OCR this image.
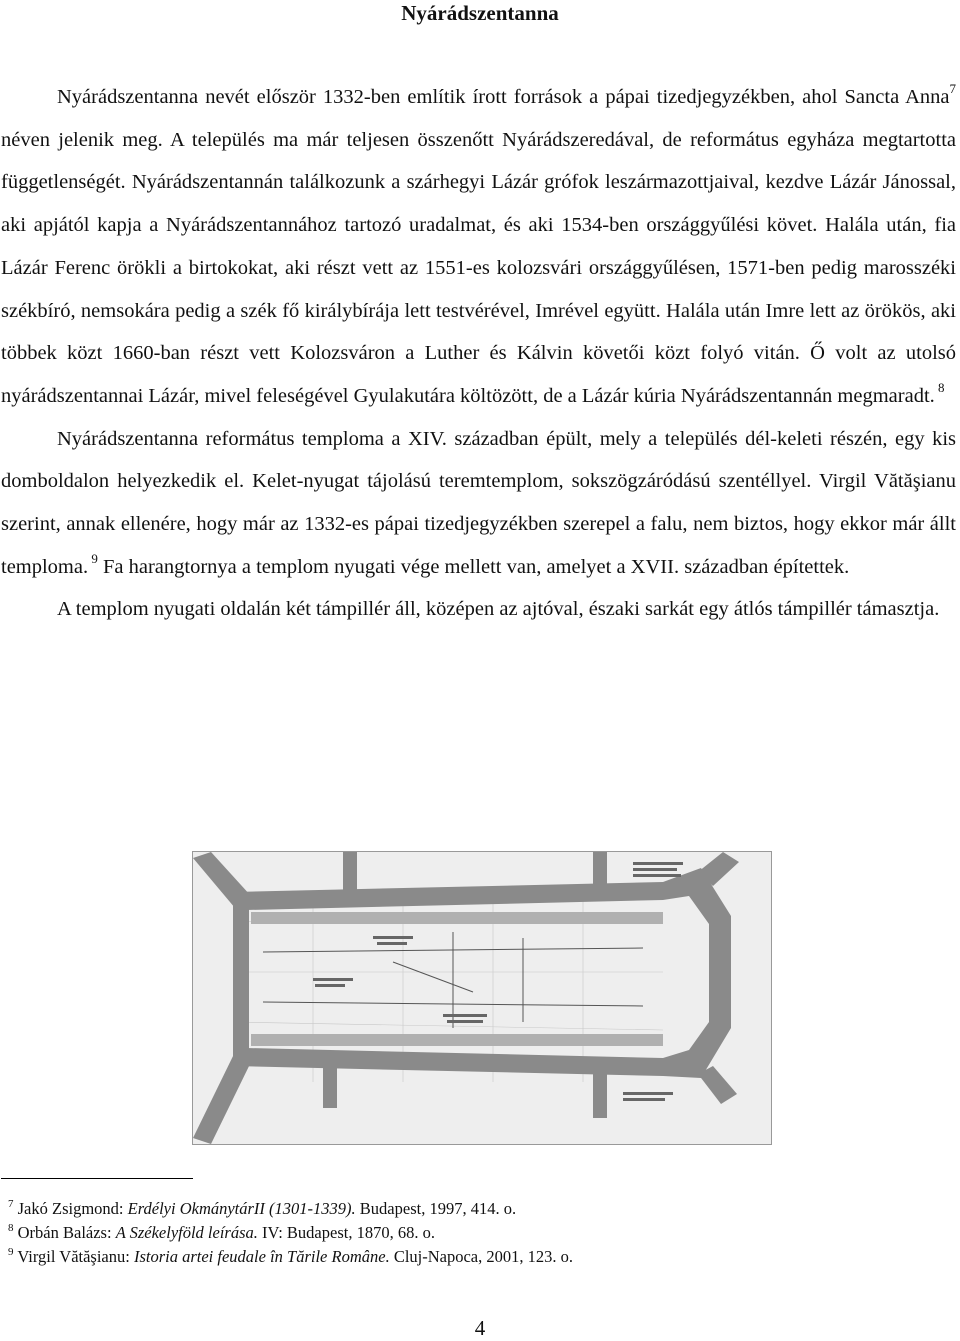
Nyárádszentanna

Nyárádszentanna nevét először 1332-ben említik írott források a pápai tizedjegyzékben, ahol Sancta Anna$^7$ néven jelenik meg. A település ma már teljesen összenőtt Nyárádszeredával, de református egyháza megtartotta függetlenségét. Nyárádszentannán találkozunk a szárhegyi Lázár grófok leszármazottjaival, kezdve Lázár Jánossal, aki apjától kapja a Nyárádszentannához tartozó uradalmat, és aki 1534-ben országgyűlési követ. Halála után, fia Lázár Ferenc örökli a birtokokat, aki részt vett az 1551-es kolozsvári országgyűlésen, 1571-ben pedig marosszéki székbíró, nemsokára pedig a szék fő királybírája lett testvérével, Imrével együtt. Halála után Imre lett az örökös, aki többek közt 1660-ban részt vett Kolozsváron a Luther és Kálvin követői közt folyó vitán. Ő volt az utolsó nyárádszentannai Lázár, mivel feleségével Gyulakutára költözött, de a Lázár kúria Nyárádszentannán megmaradt. $^8$

Nyárádszentanna református temploma a XIV. században épült, mely a település dél-keleti részén, egy kis domboldalon helyezkedik el. Kelet-nyugat tájolású teremtemplom, sokszögzáródású szentéllyel. Virgil Vătăşianu szerint, annak ellenére, hogy már az 1332-es pápai tizedjegyzékben szerepel a falu, nem biztos, hogy ekkor már állt temploma. $^9$ Fa harangtornya a templom nyugati vége mellett van, amelyet a XVII. században építettek.

A templom nyugati oldalán két támpillér áll, középen az ajtóval, északi sarkát egy átlós támpillér támasztja.

$^7$ Jakó Zsigmond: Erdélyi OkmánytárII (1301-1339). Budapest, 1997, 414. o.
$^8$ Orbán Balázs: A Székelyföld leírása. IV: Budapest, 1870, 68. o.
$^9$ Virgil Vătăşianu: Istoria artei feudale în Tările Române. Cluj-Napoca, 2001, 123. o.
4
